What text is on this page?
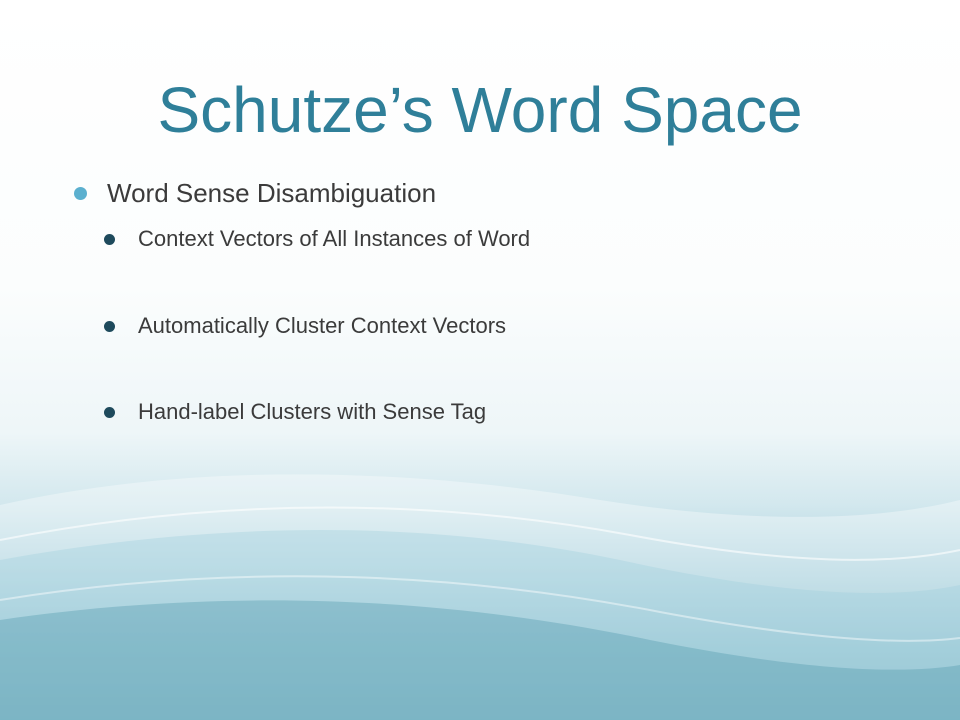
Schutze’s Word Space
Word Sense Disambiguation
Context Vectors of All Instances of Word
Automatically Cluster Context Vectors
Hand-label Clusters with Sense Tag
